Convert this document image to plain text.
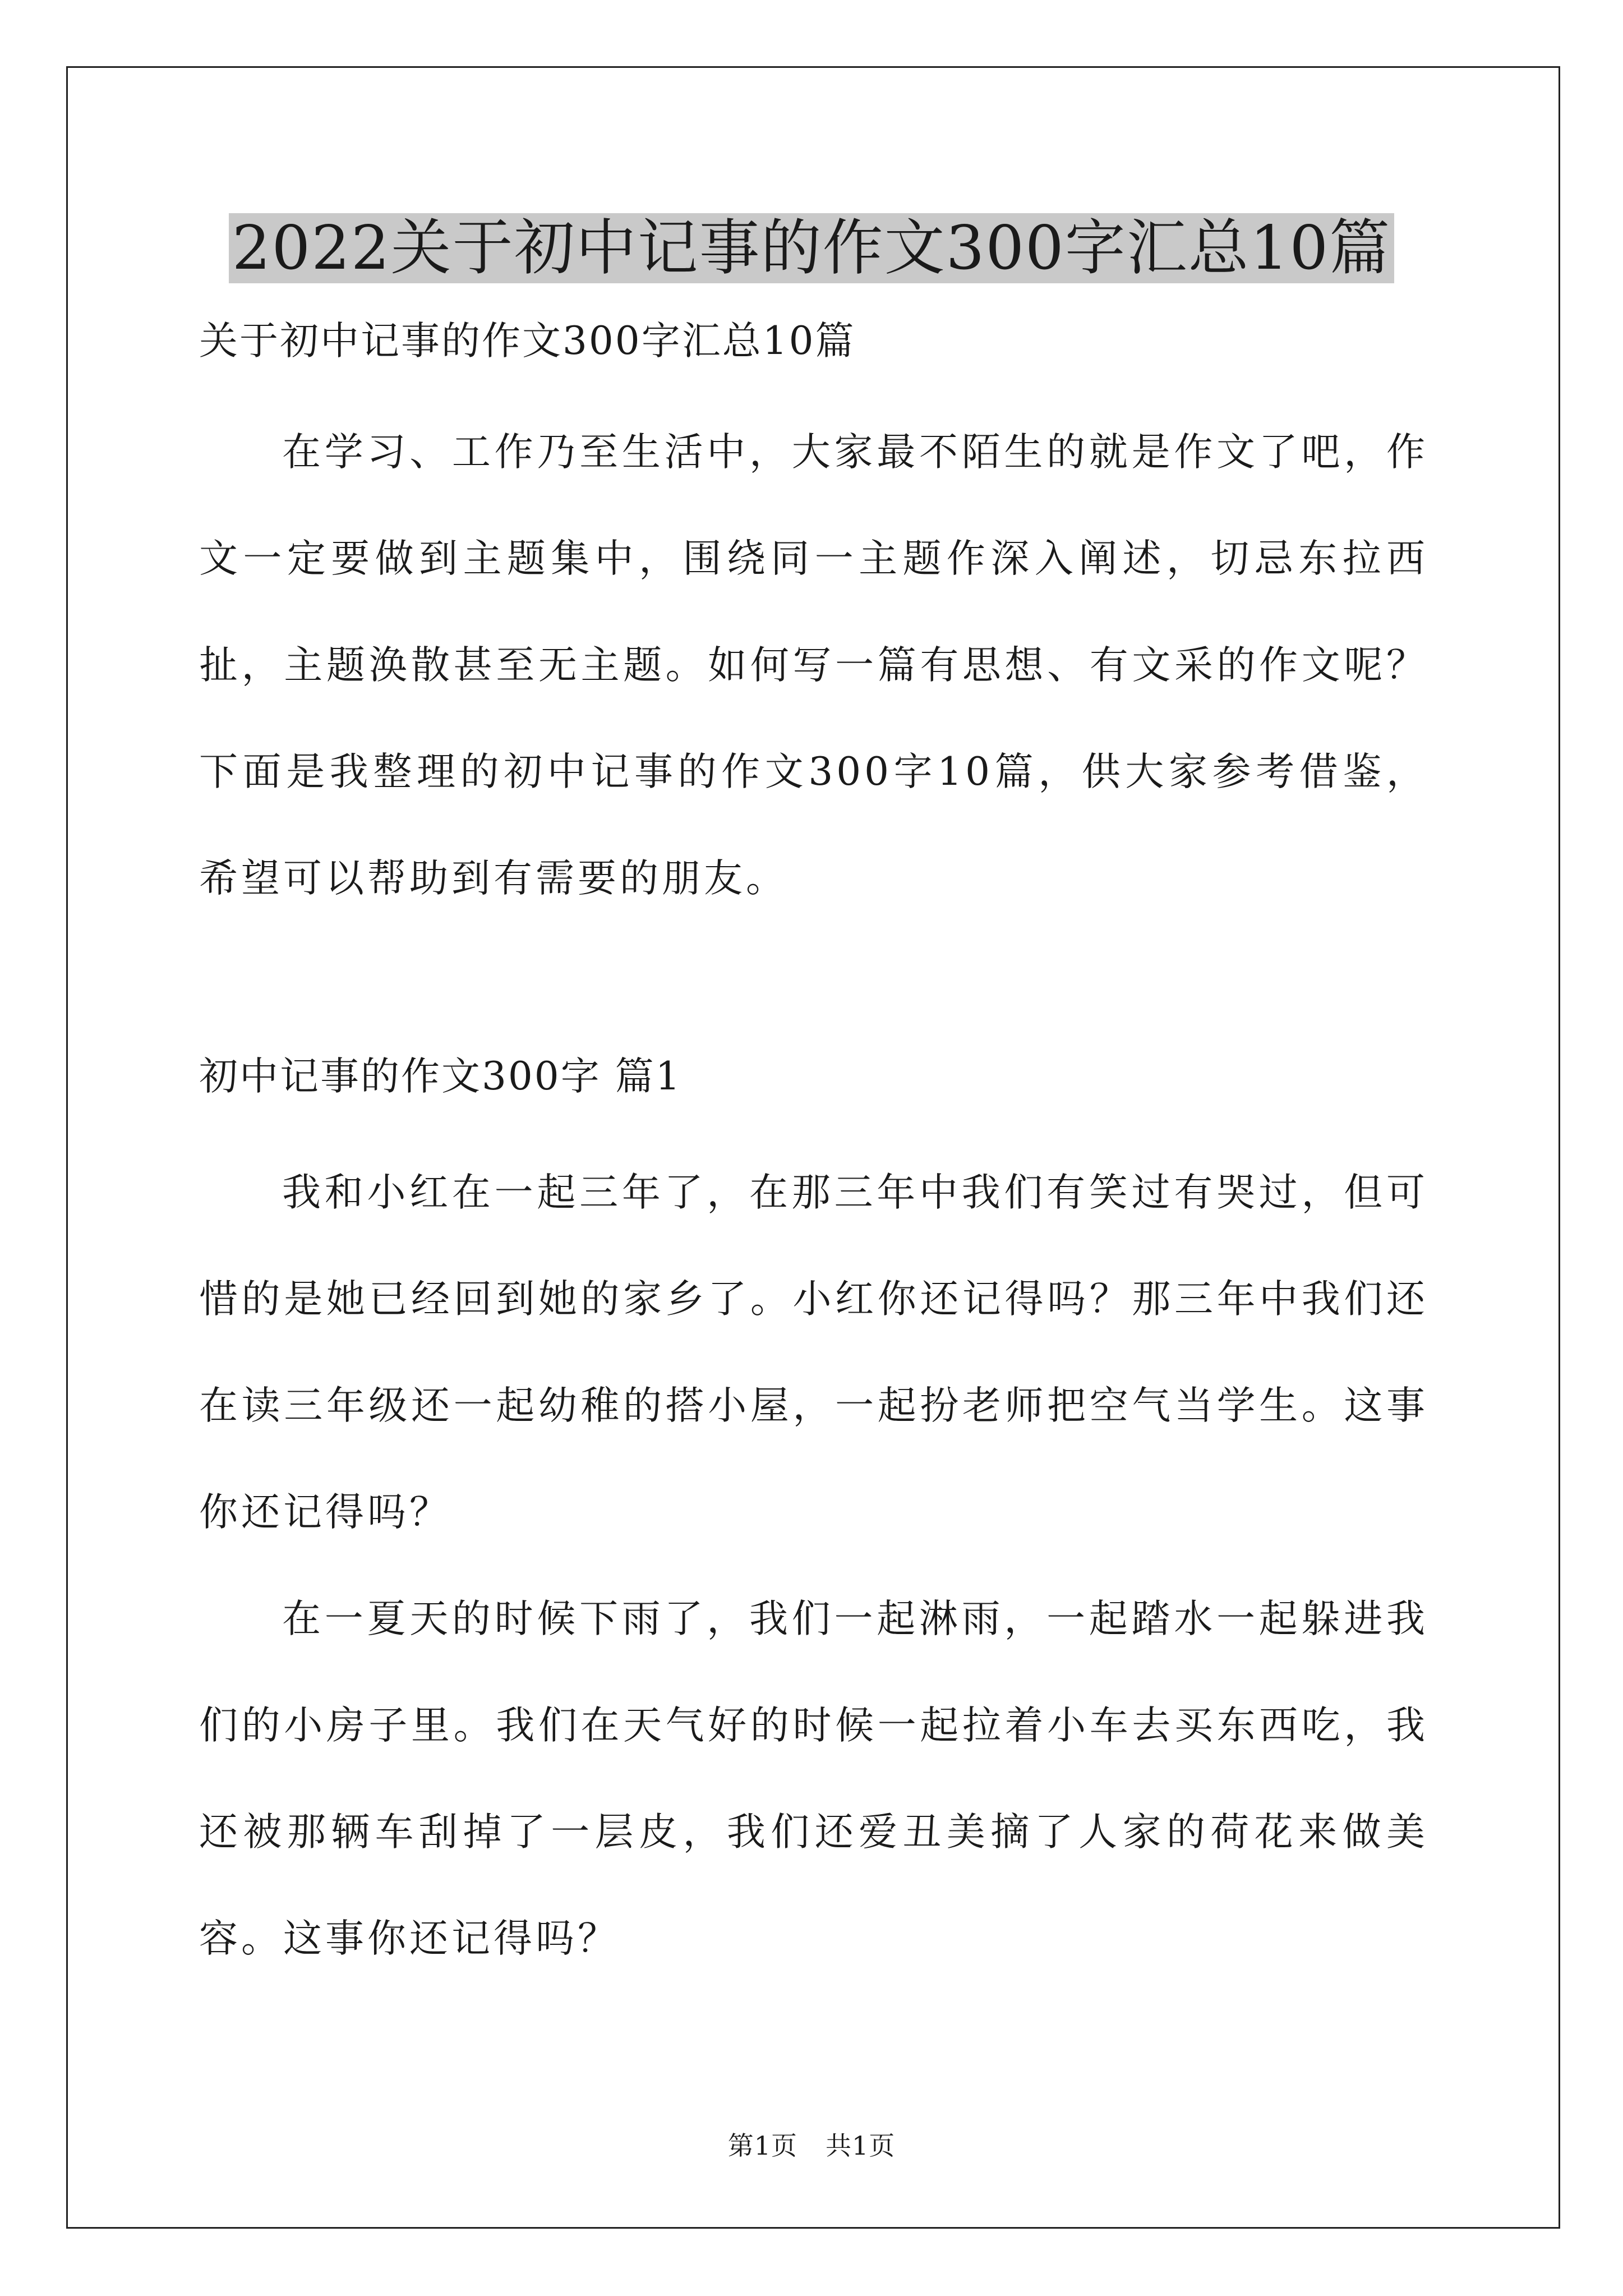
2022关于初中记事的作文300字汇总10篇

关于初中记事的作文300字汇总10篇

在学习、工作乃至生活中，大家最不陌生的就是作文了吧，作文一定要做到主题集中，围绕同一主题作深入阐述，切忌东拉西扯，主题涣散甚至无主题。如何写一篇有思想、有文采的作文呢？下面是我整理的初中记事的作文300字10篇，供大家参考借鉴，希望可以帮助到有需要的朋友。

初中记事的作文300字 篇1

我和小红在一起三年了，在那三年中我们有笑过有哭过，但可惜的是她已经回到她的家乡了。小红你还记得吗？那三年中我们还在读三年级还一起幼稚的搭小屋，一起扮老师把空气当学生。这事你还记得吗？

在一夏天的时候下雨了，我们一起淋雨，一起踏水一起躲进我们的小房子里。我们在天气好的时候一起拉着小车去买东西吃，我还被那辆车刮掉了一层皮，我们还爱丑美摘了人家的荷花来做美容。这事你还记得吗？

第1页 共1页
